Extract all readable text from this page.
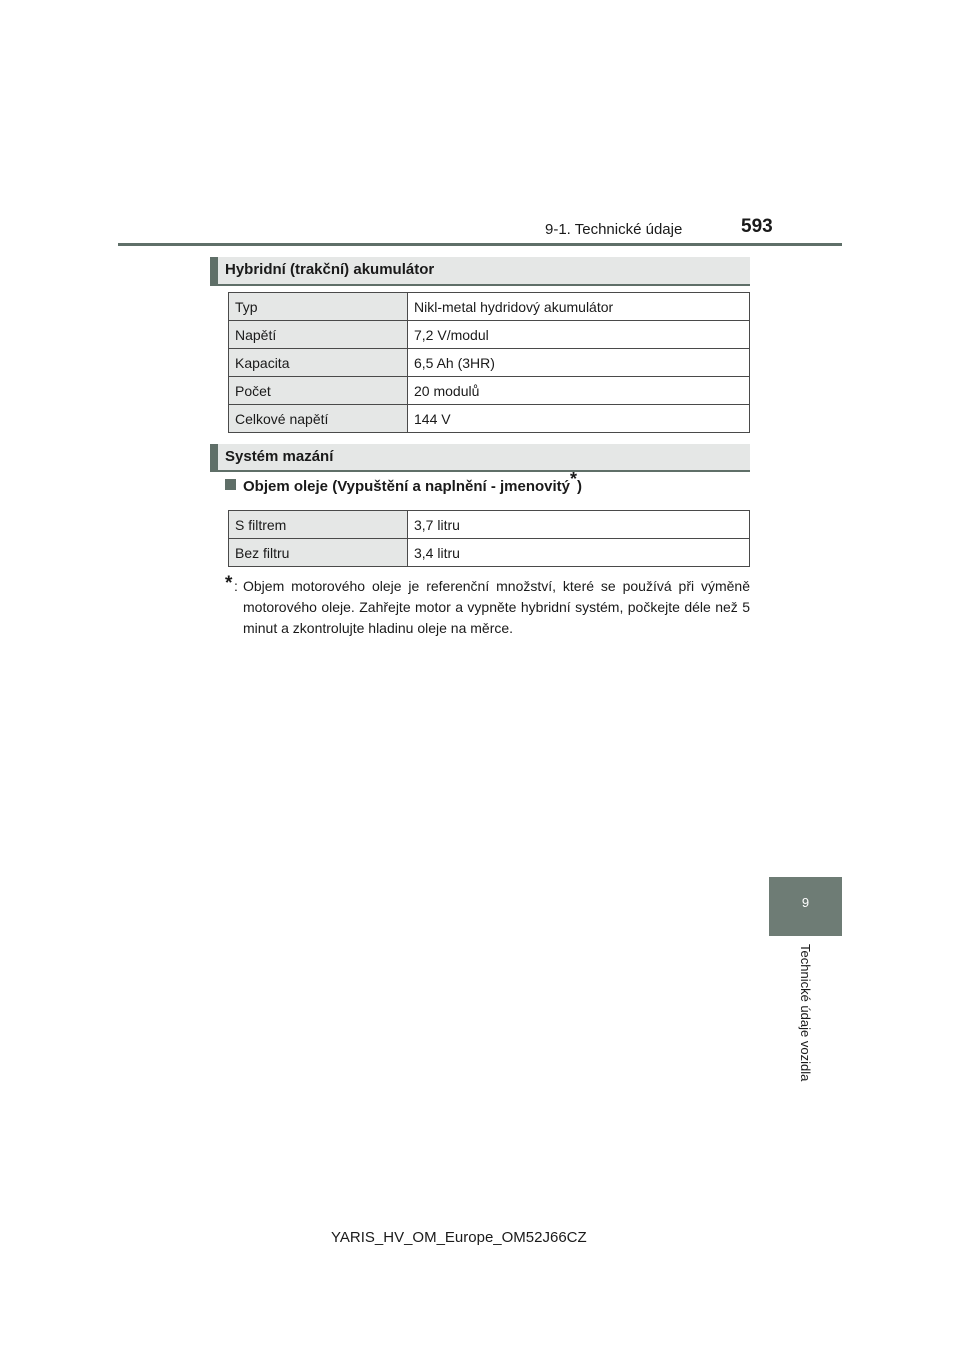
9-1. Technické údaje	593
Hybridní (trakční) akumulátor
Typ	Nikl-metal hydridový akumulátor
Napětí	7,2 V/modul
Kapacita	6,5 Ah (3HR)
Počet	20 modulů
Celkové napětí	144 V
Systém mazání
Objem oleje (Vypuštění a naplnění - jmenovitý*)
S filtrem	3,7 litru
Bez filtru	3,4 litru
* : Objem motorového oleje je referenční množství, které se používá při výměně motorového oleje. Zahřejte motor a vypněte hybridní systém, počkejte déle než 5 minut a zkontrolujte hladinu oleje na měrce.
9
Technické údaje vozidla
YARIS_HV_OM_Europe_OM52J66CZ
